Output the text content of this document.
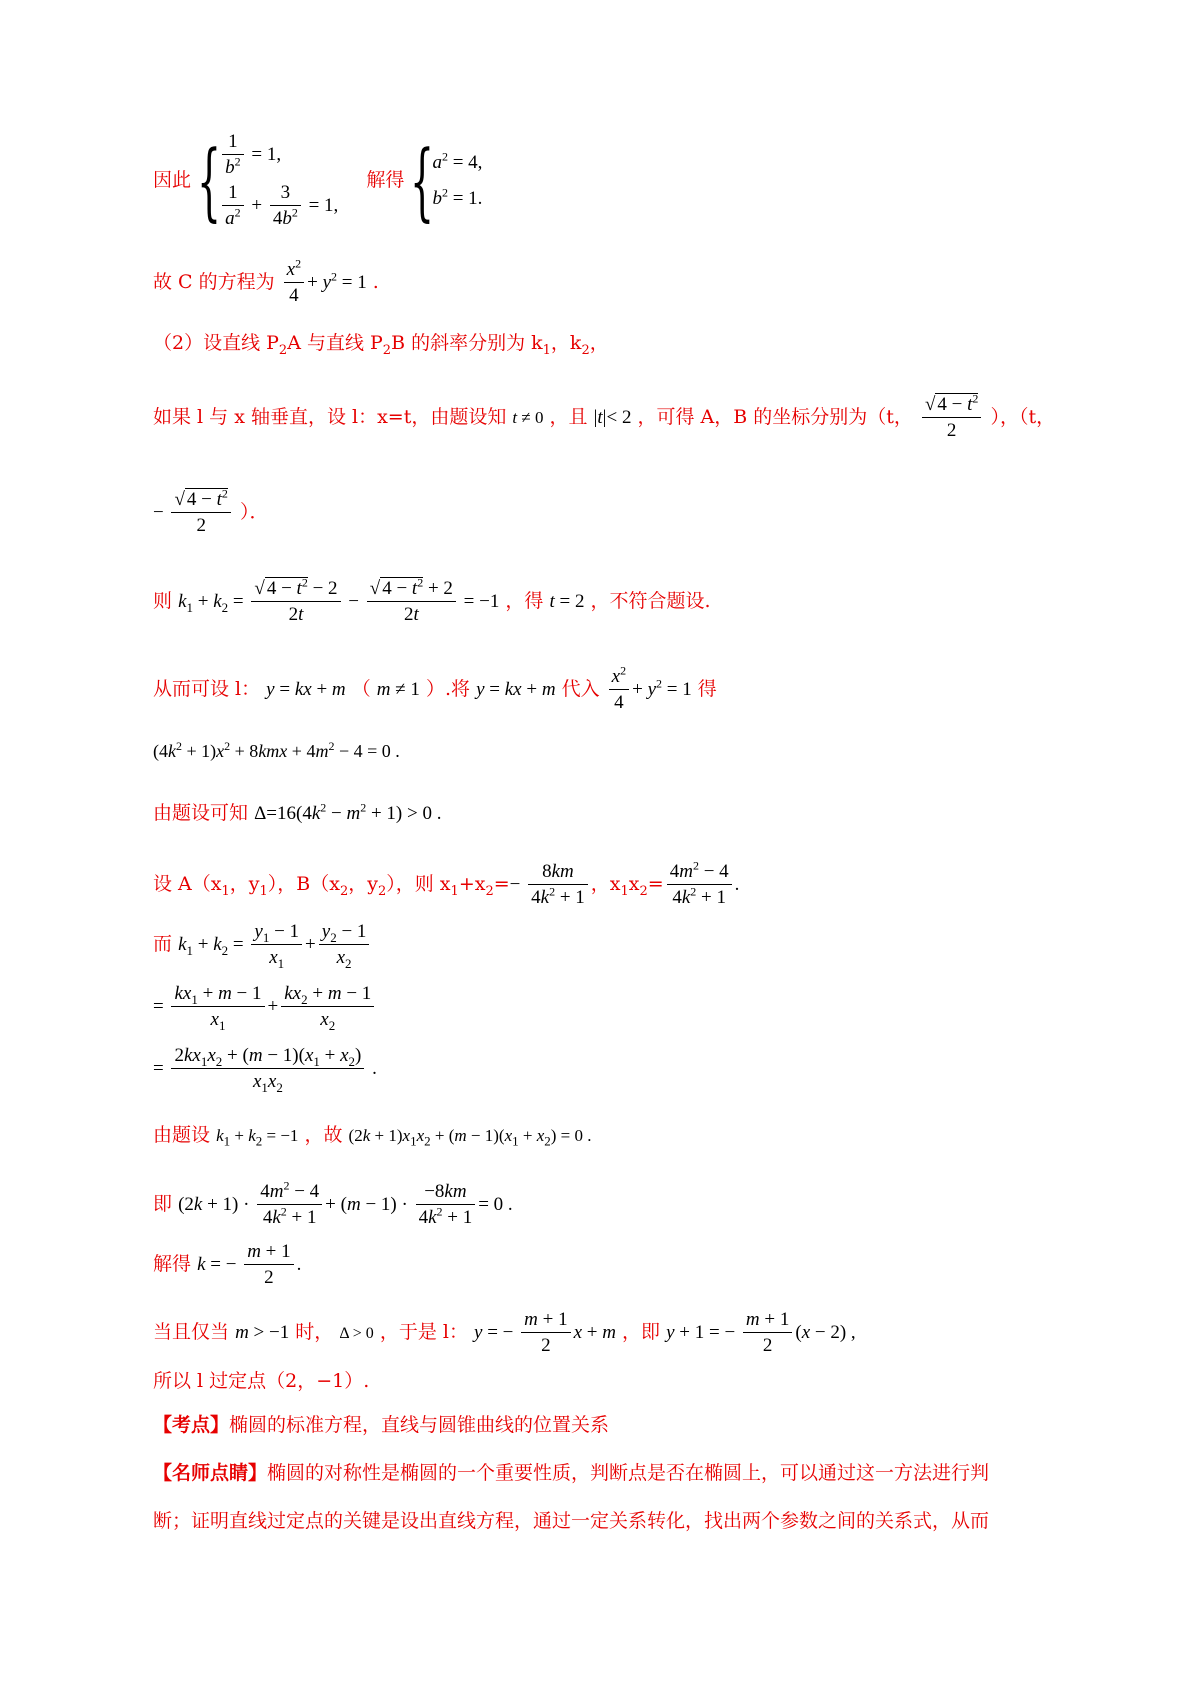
因此 { $\frac{1}{b^2} = 1$,
$\frac{1}{a^2} + \frac{3}{4b^2} = 1$,
解得 {
$a^2 = 4$,
$b^2 = 1$.
故 C 的方程为 $\frac{x^2}{4} + y^2 = 1$ .
（2）设直线 $P_2A$ 与直线 $P_2B$ 的斜率分别为 $k_1$，$k_2$，
如果 l 与 x 轴垂直，设 l：x=t，由题设知 t ≠ 0 ，且 |t|< 2 ，可得 A，B 的坐标分别为（t， $\frac{√ 4 - t^2}{2}$ ），（t，
− $\frac{√ 4 - t^2}{2}$ ）．
则 $k_1 + k_2 = \frac{√ 4 - t^2 - 2}{2t} - \frac{√ 4 - t^2 + 2}{2t} = -1$ ，得 t = 2 ，不符合题设.
从而可设 l： y = kx + m （ m ≠ 1 ）.将 y = kx + m 代入 $\frac{x^2}{4} + y^2 = 1$ 得
$(4k^2 + 1)x^2 + 8kmx + 4m^2 - 4 = 0$ .
由题设可知 $\Delta=16(4k^2 - m^2 + 1) > 0$ .
设 $A(x_1$，$y_1$），$B(x_2$，$y_2$），则 $x_1+x_2=- \frac{8km}{4k^2 + 1}$ ，$x_1x_2= \frac{4m^2 - 4}{4k^2 + 1}$ .
而 $k_1 + k_2 = \frac{y_1 - 1}{x_1} + \frac{y_2 - 1}{x_2}$
= $\frac{kx_1 + m - 1}{x_1} + \frac{kx_2 + m - 1}{x_2}$
= $\frac{2kx_1x_2 + (m - 1)(x_1 + x_2)}{x_1x_2}$ .
由题设 $k_1 + k_2 = -1$ ，故 $(2k + 1)x_1x_2 + (m - 1)(x_1 + x_2) = 0$ .
即 $(2k + 1) \cdot \frac{4m^2 - 4}{4k^2 + 1} + (m - 1) \cdot \frac{-8km}{4k^2 + 1} = 0$ .
解得 k = − $\frac{m + 1}{2}$ .
当且仅当 m > −1 时， Δ > 0 ，于是 l： y = − $\frac{m + 1}{2}$ x + m ，即 y + 1 = − $\frac{m + 1}{2} (x - 2)$ ,
所以 l 过定点（2，−1）.
【考点】椭圆的标准方程，直线与圆锥曲线的位置关系
【名师点睛】椭圆的对称性是椭圆的一个重要性质，判断点是否在椭圆上，可以通过这一方法进行判
断；证明直线过定点的关键是设出直线方程，通过一定关系转化，找出两个参数之间的关系式，从而
